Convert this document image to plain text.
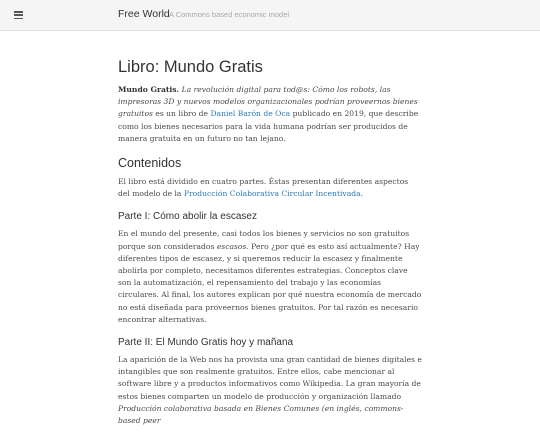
Free World A Commons based economic model
Libro: Mundo Gratis

Mundo Gratis. La revolución digital para tod@s: Cómo los robots, las impresoras 3D y nuevos modelos organizacionales podrían proveernos bienes gratuitos es un libro de Daniel Barón de Oca publicado en 2019, que describe como los bienes necesarios para la vida humana podrían ser producidos de manera gratuita en un futuro no tan lejano.

Contenidos

El libro está dividido en cuatro partes. Éstas presentan diferentes aspectos del modelo de la Producción Colaborativa Circular Incentivada.

Parte I: Cómo abolir la escasez

En el mundo del presente, casi todos los bienes y servicios no son gratuitos porque son considerados escasos. Pero ¿por qué es esto así actualmente? Hay diferentes tipos de escasez, y si queremos reducir la escasez y finalmente abolirla por completo, necesitamos diferentes estrategias. Conceptos clave son la automatización, el repensamiento del trabajo y las economías circulares. Al final, los autores explican por qué nuestra economía de mercado no está diseñada para proveernos bienes gratuitos. Por tal razón es necesario encontrar alternativas.

Parte II: El Mundo Gratis hoy y mañana

La aparición de la Web nos ha provista una gran cantidad de bienes digitales e intangibles que son realmente gratuitos. Entre ellos, cabe mencionar al software libre y a productos informativos como Wikipedia. La gran mayoría de estos bienes comparten un modelo de producción y organización llamado Producción colaborativa basada en Bienes Comunes (en inglés, commons-based peer
